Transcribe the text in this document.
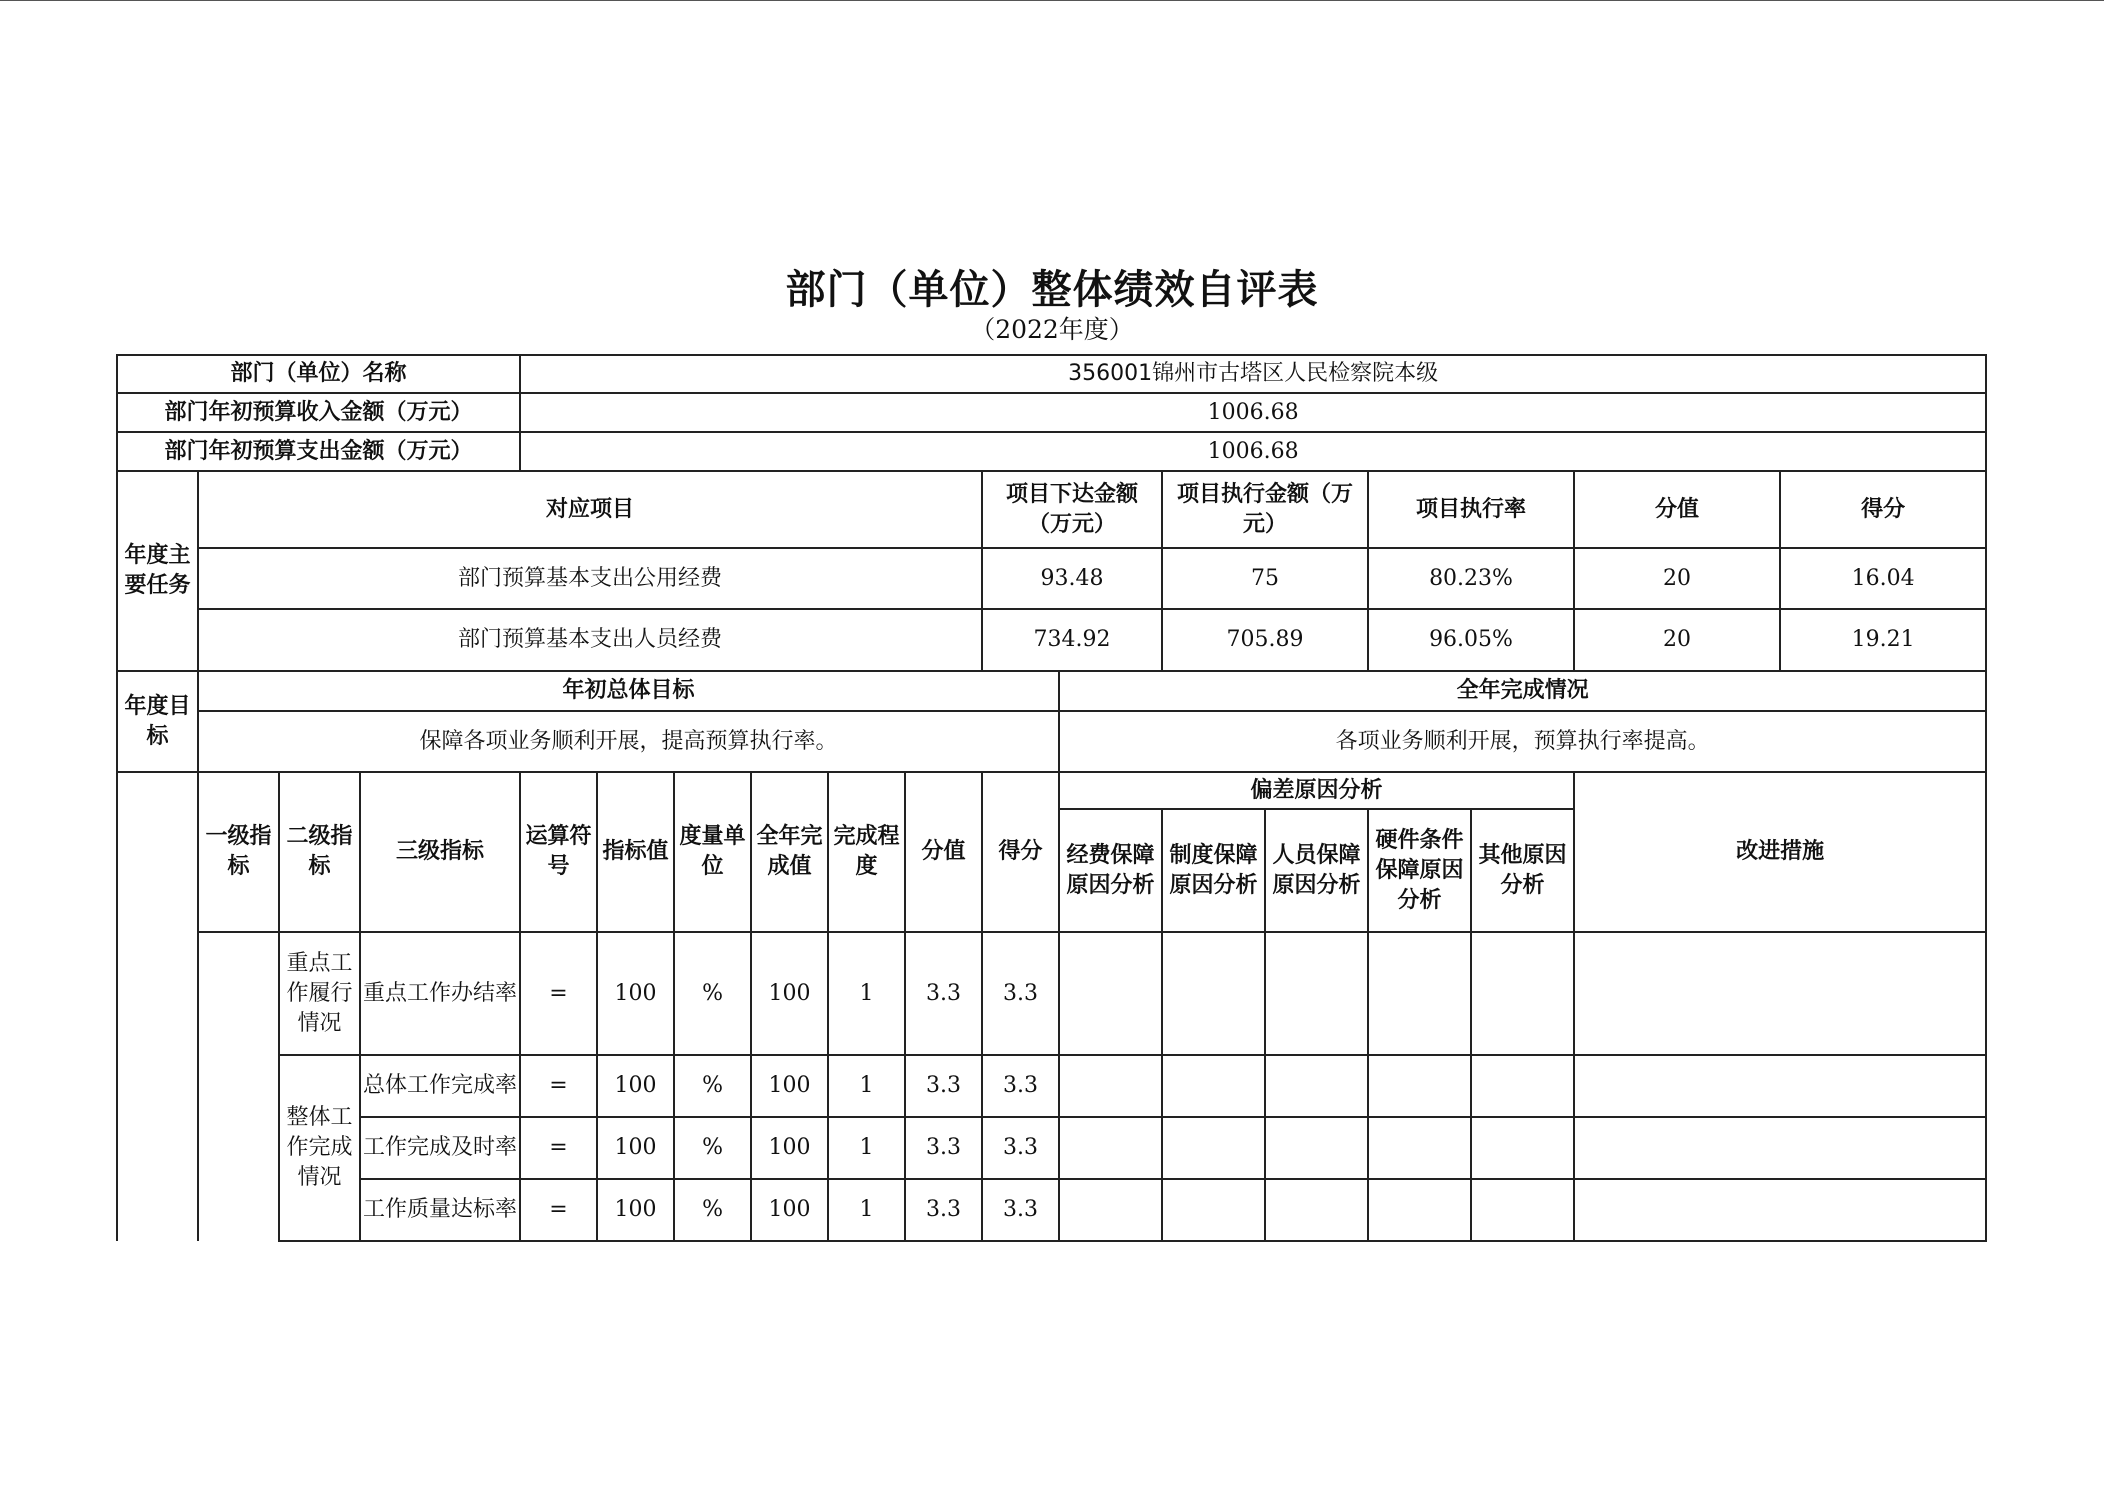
部门（单位）整体绩效自评表
（2022年度）
部门（单位）名称				356001锦州市古塔区人民检察院本级													
部门年初预算收入金额（万元）				1006.68													
部门年初预算支出金额（万元）				1006.68													
年度主要任务	对应项目									项目下达金额（万元）		项目执行金额（万元）		项目执行率		分值	得分
	部门预算基本支出公用经费									93.48		75		80.23%		20	16.04
	部门预算基本支出人员经费									734.92		705.89		96.05%		20	19.21
年度目标	年初总体目标										全年完成情况						
	保障各项业务顺利开展，提高预算执行率。										各项业务顺利开展，预算执行率提高。						
	一级指标	二级指标	三级指标	运算符号	指标值	度量单位	全年完成值	完成程度	分值	得分	偏差原因分析					改进措施	
											经费保障原因分析	制度保障原因分析	人员保障原因分析	硬件条件保障原因分析	其他原因分析		
		重点工作履行情况	重点工作办结率	=	100	%	100	1	3.3	3.3							
		整体工作完成情况	总体工作完成率	=	100	%	100	1	3.3	3.3							
			工作完成及时率	=	100	%	100	1	3.3	3.3							
			工作质量达标率	=	100	%	100	1	3.3	3.3							
